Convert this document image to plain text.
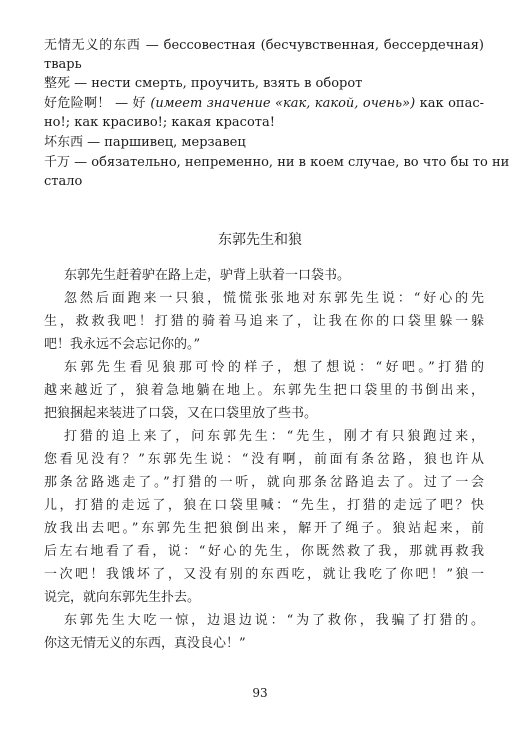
无情无义的东西 — бессовестная (бесчувственная, бессердечная)
тварь
整死 — нести смерть, проучить, взять в оборот
好危险啊！ — 好 (имеет значение «как, какой, очень») как опас-
но!; как красиво!; какая красота!
坏东西 — паршивец, мерзавец
千万 — обязательно, непременно, ни в коем случае, во что бы то ни
стало
东郭先生和狼
东郭先生赶着驴在路上走，驴背上驮着一口袋书。
忽然后面跑来一只狼，慌慌张张地对东郭先生说：“好心的先
生，救救我吧！打猎的骑着马追来了，让我在你的口袋里躲一躲
吧！我永远不会忘记你的。”
东郭先生看见狼那可怜的样子，想了想说：“好吧。”打猎的
越来越近了，狼着急地躺在地上。东郭先生把口袋里的书倒出来，
把狼捆起来装进了口袋，又在口袋里放了些书。
打猎的追上来了，问东郭先生：“先生，刚才有只狼跑过来，
您看见没有？”东郭先生说：“没有啊，前面有条岔路，狼也许从
那条岔路逃走了。”打猎的一听，就向那条岔路追去了。过了一会
儿，打猎的走远了，狼在口袋里喊：“先生，打猎的走远了吧？快
放我出去吧。”东郭先生把狼倒出来，解开了绳子。狼站起来，前
后左右地看了看，说：“好心的先生，你既然救了我，那就再救我
一次吧！我饿坏了，又没有别的东西吃，就让我吃了你吧！”狼一
说完，就向东郭先生扑去。
东郭先生大吃一惊，边退边说：“为了救你，我骗了打猎的。
你这无情无义的东西，真没良心！”
93
